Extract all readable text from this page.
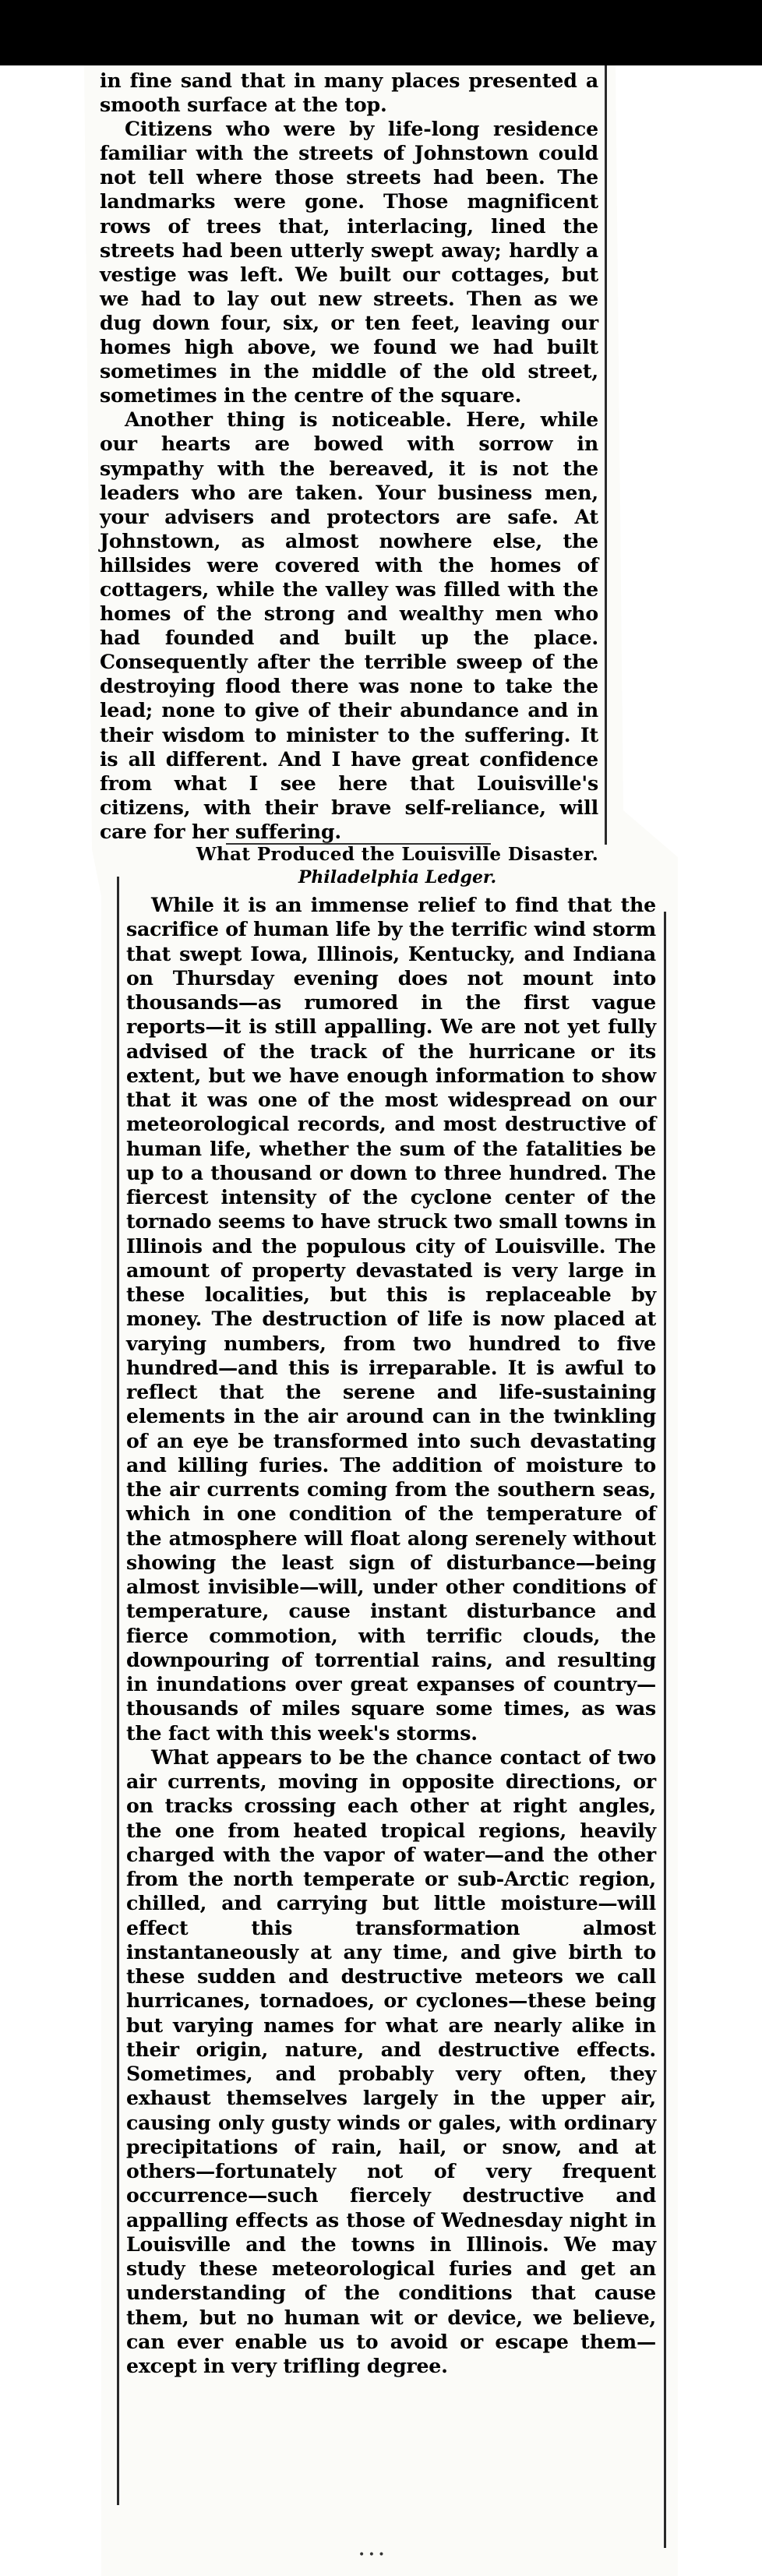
in fine sand that in many places presented a smooth surface at the top.

Citizens who were by life-long residence familiar with the streets of Johnstown could not tell where those streets had been. The landmarks were gone. Those magnificent rows of trees that, interlacing, lined the streets had been utterly swept away; hardly a vestige was left. We built our cottages, but we had to lay out new streets. Then as we dug down four, six, or ten feet, leaving our homes high above, we found we had built sometimes in the middle of the old street, sometimes in the centre of the square.

Another thing is noticeable. Here, while our hearts are bowed with sorrow in sympathy with the bereaved, it is not the leaders who are taken. Your business men, your advisers and protectors are safe. At Johnstown, as almost nowhere else, the hillsides were covered with the homes of cottagers, while the valley was filled with the homes of the strong and wealthy men who had founded and built up the place. Consequently after the terrible sweep of the destroying flood there was none to take the lead; none to give of their abundance and in their wisdom to minister to the suffering. It is all different. And I have great confidence from what I see here that Louisville's citizens, with their brave self-reliance, will care for her suffering.

What Produced the Louisville Disaster.
Philadelphia Ledger.

While it is an immense relief to find that the sacrifice of human life by the terrific wind storm that swept Iowa, Illinois, Kentucky, and Indiana on Thursday evening does not mount into thousands—as rumored in the first vague reports—it is still appalling. We are not yet fully advised of the track of the hurricane or its extent, but we have enough information to show that it was one of the most widespread on our meteorological records, and most destructive of human life, whether the sum of the fatalities be up to a thousand or down to three hundred. The fiercest intensity of the cyclone center of the tornado seems to have struck two small towns in Illinois and the populous city of Louisville. The amount of property devastated is very large in these localities, but this is replaceable by money. The destruction of life is now placed at varying numbers, from two hundred to five hundred—and this is irreparable. It is awful to reflect that the serene and life-sustaining elements in the air around can in the twinkling of an eye be transformed into such devastating and killing furies. The addition of moisture to the air currents coming from the southern seas, which in one condition of the temperature of the atmosphere will float along serenely without showing the least sign of disturbance—being almost invisible—will, under other conditions of temperature, cause instant disturbance and fierce commotion, with terrific clouds, the downpouring of torrential rains, and resulting in inundations over great expanses of country—thousands of miles square some times, as was the fact with this week's storms.

What appears to be the chance contact of two air currents, moving in opposite directions, or on tracks crossing each other at right angles, the one from heated tropical regions, heavily charged with the vapor of water—and the other from the north temperate or sub-Arctic region, chilled, and carrying but little moisture—will effect this transformation almost instantaneously at any time, and give birth to these sudden and destructive meteors we call hurricanes, tornadoes, or cyclones—these being but varying names for what are nearly alike in their origin, nature, and destructive effects. Sometimes, and probably very often, they exhaust themselves largely in the upper air, causing only gusty winds or gales, with ordinary precipitations of rain, hail, or snow, and at others—fortunately not of very frequent occurrence—such fiercely destructive and appalling effects as those of Wednesday night in Louisville and the towns in Illinois. We may study these meteorological furies and get an understanding of the conditions that cause them, but no human wit or device, we believe, can ever enable us to avoid or escape them—except in very trifling degree.

• • •
